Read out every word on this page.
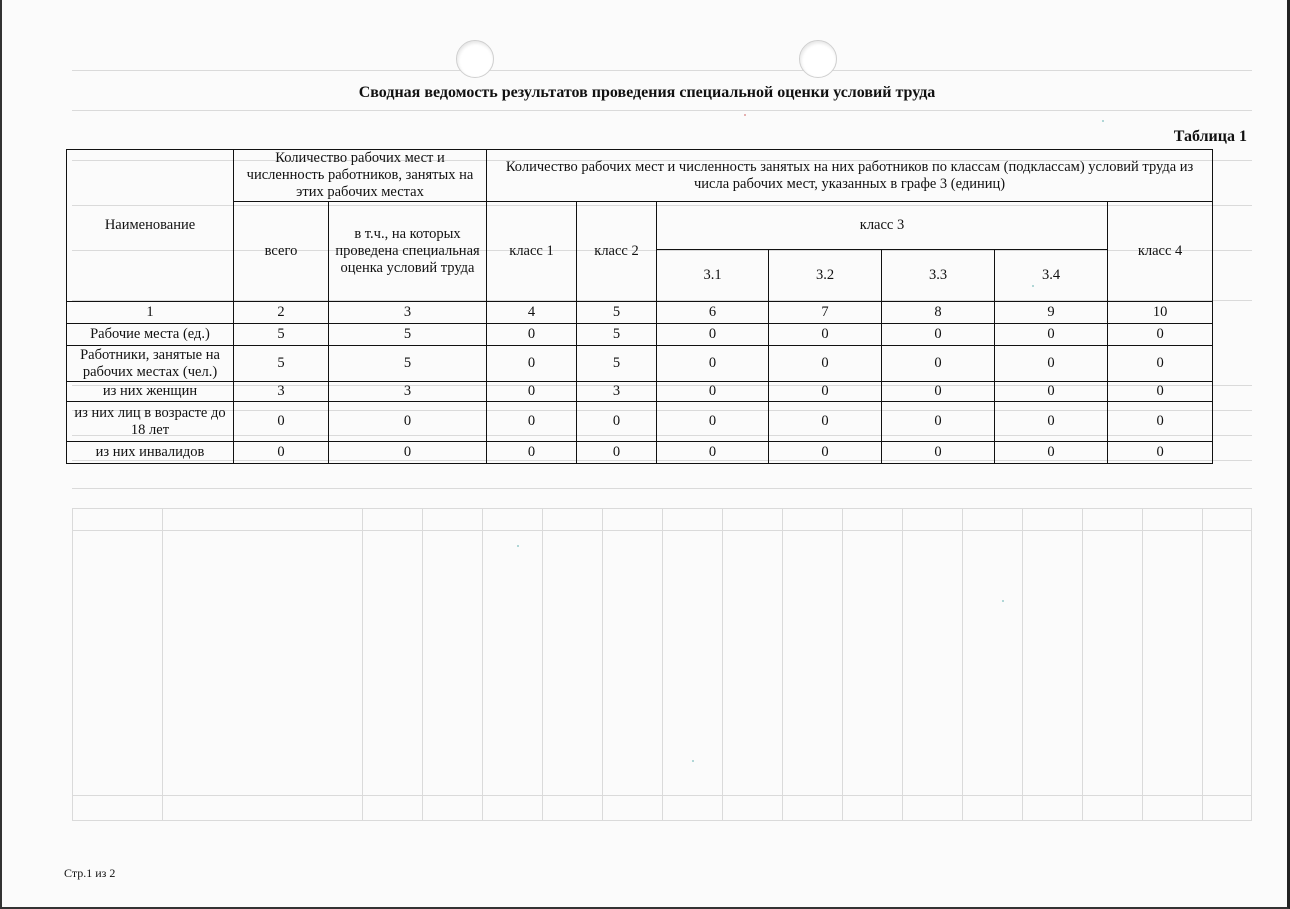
Сводная ведомость результатов проведения специальной оценки условий труда
Таблица 1
Наименование	Количество рабочих мест и численность работников, занятых на этих рабочих местах		Количество рабочих мест и численность занятых на них работников по классам (подклассам) условий труда из числа рабочих мест, указанных в графе 3 (единиц)						
	всего	в т.ч., на которых проведена специальная оценка условий труда	класс 1	класс 2	класс 3				класс 4
					3.1	3.2	3.3	3.4	
1	2	3	4	5	6	7	8	9	10
Рабочие места (ед.)	5	5	0	5	0	0	0	0	0
Работники, занятые на рабочих местах (чел.)	5	5	0	5	0	0	0	0	0
из них женщин	3	3	0	3	0	0	0	0	0
из них лиц в возрасте до 18 лет	0	0	0	0	0	0	0	0	0
из них инвалидов	0	0	0	0	0	0	0	0	0
Стр.1 из 2
